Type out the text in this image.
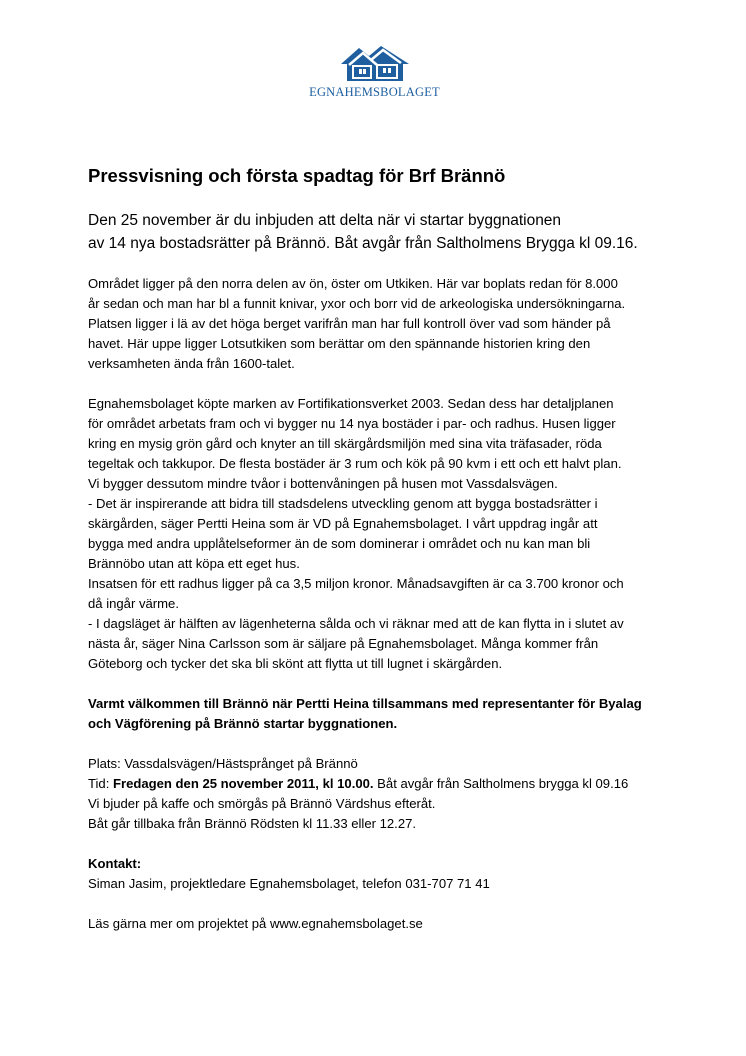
EGNAHEMSBOLAGET
Pressvisning och första spadtag för Brf Brännö
Den 25 november är du inbjuden att delta när vi startar byggnationen
av 14 nya bostadsrätter på Brännö. Båt avgår från Saltholmens Brygga kl 09.16.
Området ligger på den norra delen av ön, öster om Utkiken. Här var boplats redan för 8.000
år sedan och man har bl a funnit knivar, yxor och borr vid de arkeologiska undersökningarna.
Platsen ligger i lä av det höga berget varifrån man har full kontroll över vad som händer på
havet. Här uppe ligger Lotsutkiken som berättar om den spännande historien kring den
verksamheten ända från 1600-talet.
Egnahemsbolaget köpte marken av Fortifikationsverket 2003. Sedan dess har detaljplanen
för området arbetats fram och vi bygger nu 14 nya bostäder i par- och radhus. Husen ligger
kring en mysig grön gård och knyter an till skärgårdsmiljön med sina vita träfasader, röda
tegeltak och takkupor. De flesta bostäder är 3 rum och kök på 90 kvm i ett och ett halvt plan.
Vi bygger dessutom mindre tvåor i bottenvåningen på husen mot Vassdalsvägen.
- Det är inspirerande att bidra till stadsdelens utveckling genom att bygga bostadsrätter i
skärgården, säger Pertti Heina som är VD på Egnahemsbolaget. I vårt uppdrag ingår att
bygga med andra upplåtelseformer än de som dominerar i området och nu kan man bli
Brännöbo utan att köpa ett eget hus.
Insatsen för ett radhus ligger på ca 3,5 miljon kronor. Månadsavgiften är ca 3.700 kronor och
då ingår värme.
- I dagsläget är hälften av lägenheterna sålda och vi räknar med att de kan flytta in i slutet av
nästa år, säger Nina Carlsson som är säljare på Egnahemsbolaget. Många kommer från
Göteborg och tycker det ska bli skönt att flytta ut till lugnet i skärgården.
Varmt välkommen till Brännö när Pertti Heina tillsammans med representanter för Byalag
och Vägförening på Brännö startar byggnationen.
Plats: Vassdalsvägen/Hästsprånget på Brännö
Tid: Fredagen den 25 november 2011, kl 10.00. Båt avgår från Saltholmens brygga kl 09.16
Vi bjuder på kaffe och smörgås på Brännö Värdshus efteråt.
Båt går tillbaka från Brännö Rödsten kl 11.33 eller 12.27.
Kontakt:
Siman Jasim, projektledare Egnahemsbolaget, telefon 031-707 71 41
Läs gärna mer om projektet på www.egnahemsbolaget.se
